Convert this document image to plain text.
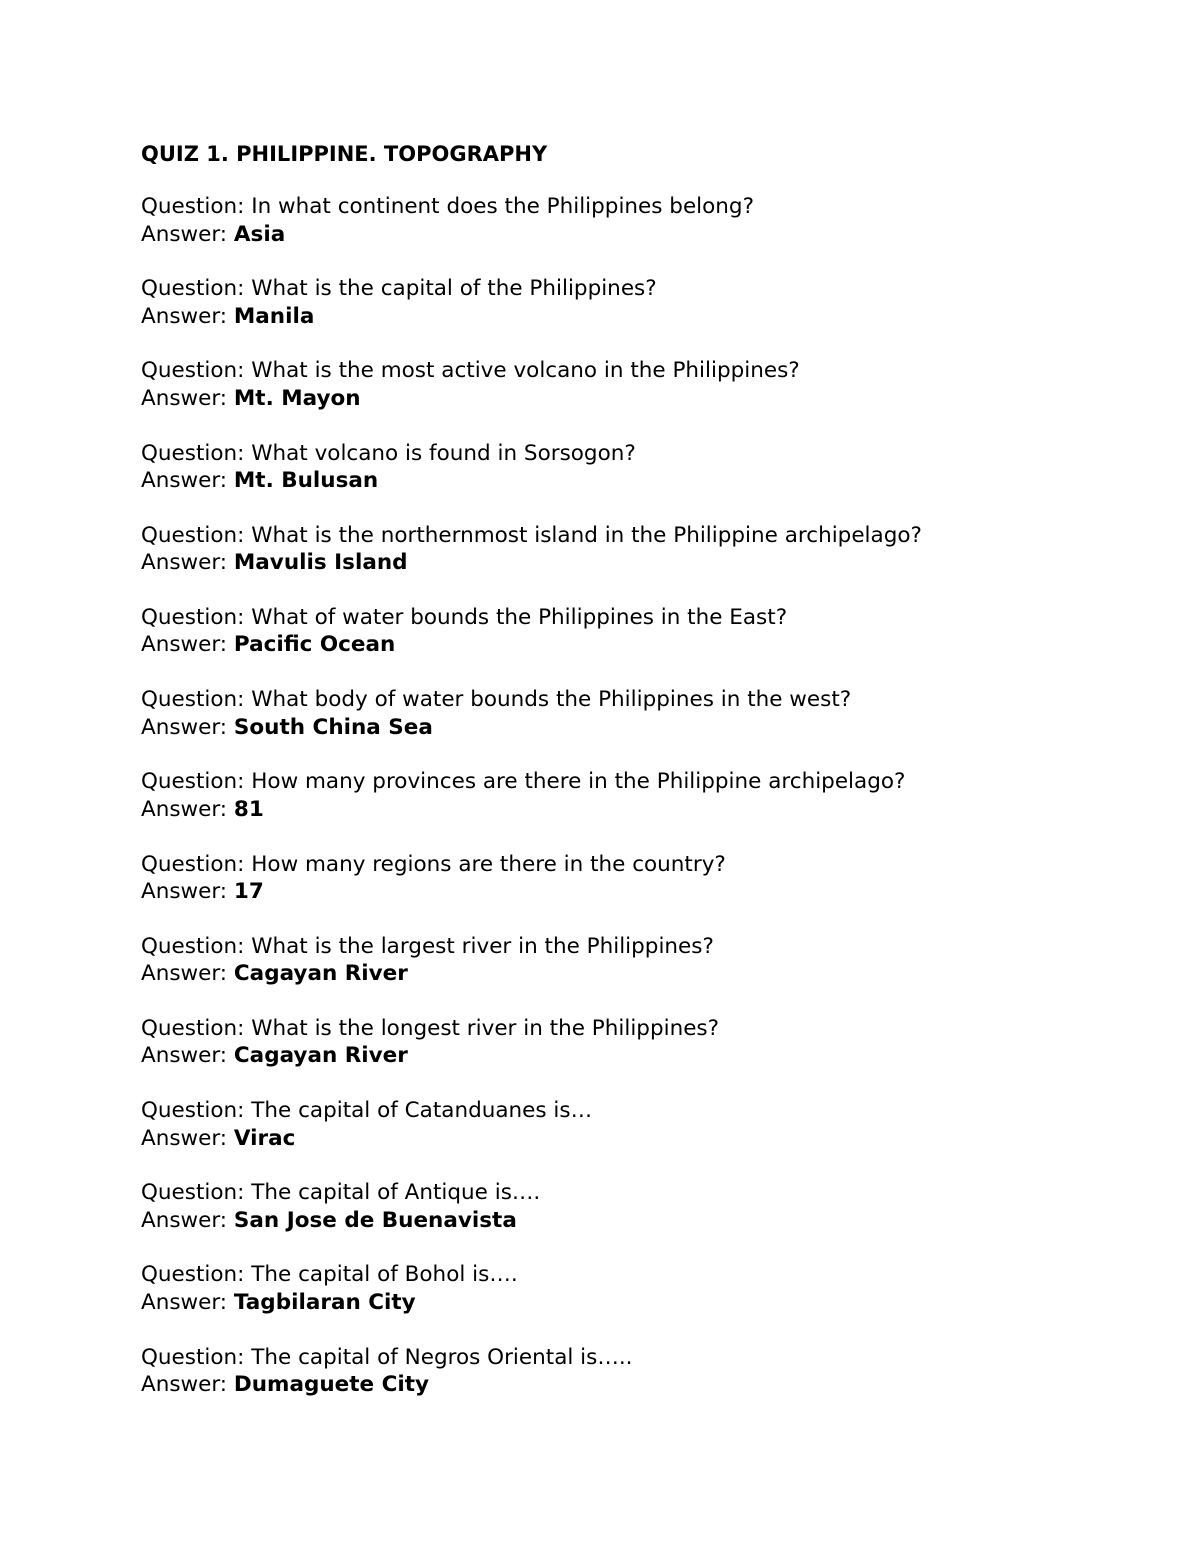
QUIZ 1. PHILIPPINE. TOPOGRAPHY
Question: In what continent does the Philippines belong?
Answer: Asia
Question: What is the capital of the Philippines?
Answer: Manila
Question: What is the most active volcano in the Philippines?
Answer: Mt. Mayon
Question: What volcano is found in Sorsogon?
Answer: Mt. Bulusan
Question: What is the northernmost island in the Philippine archipelago?
Answer: Mavulis Island
Question: What of water bounds the Philippines in the East?
Answer: Pacific Ocean
Question: What body of water bounds the Philippines in the west?
Answer: South China Sea
Question: How many provinces are there in the Philippine archipelago?
Answer: 81
Question: How many regions are there in the country?
Answer: 17
Question: What is the largest river in the Philippines?
Answer: Cagayan River
Question: What is the longest river in the Philippines?
Answer: Cagayan River
Question: The capital of Catanduanes is…
Answer: Virac
Question: The capital of Antique is….
Answer: San Jose de Buenavista
Question: The capital of Bohol is….
Answer: Tagbilaran City
Question: The capital of Negros Oriental is…..
Answer: Dumaguete City
